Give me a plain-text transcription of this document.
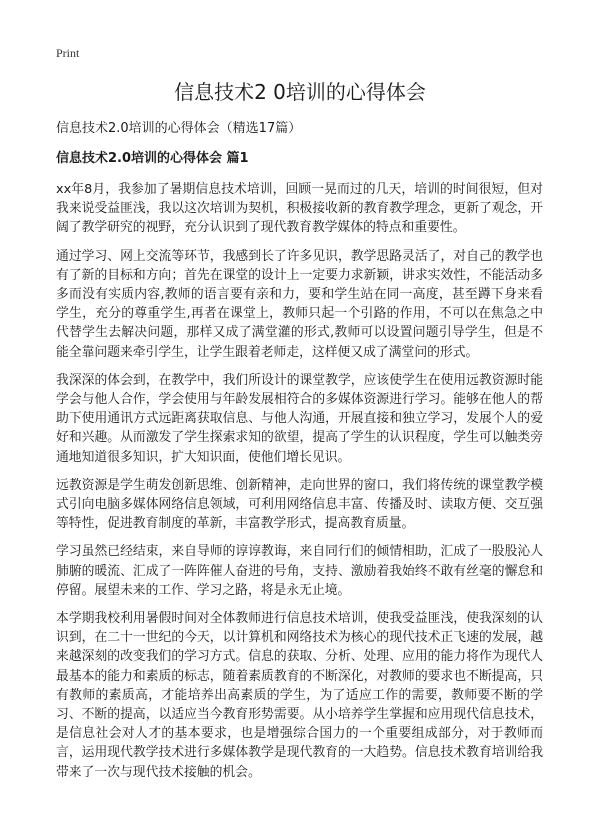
Print
信息技术2 0培训的心得体会
信息技术2.0培训的心得体会（精选17篇）
信息技术2.0培训的心得体会 篇1

xx年8月，我参加了暑期信息技术培训，回顾一晃而过的几天，培训的时间很短，但对我来说受益匪浅，我以这次培训为契机，积极接收新的教育教学理念，更新了观念，开阔了教学研究的视野，充分认识到了现代教育教学媒体的特点和重要性。

通过学习、网上交流等环节，我感到长了许多见识，教学思路灵活了，对自己的教学也有了新的目标和方向；首先在课堂的设计上一定要力求新颖，讲求实效性，不能活动多多而没有实质内容,教师的语言要有亲和力，要和学生站在同一高度，甚至蹲下身来看学生，充分的尊重学生,再者在课堂上，教师只起一个引路的作用，不可以在焦急之中代替学生去解决问题，那样又成了满堂灌的形式,教师可以设置问题引导学生，但是不能全靠问题来牵引学生，让学生跟着老师走，这样便又成了满堂问的形式。

我深深的体会到，在教学中，我们所设计的课堂教学，应该使学生在使用远教资源时能学会与他人合作，学会使用与年龄发展相符合的多媒体资源进行学习。能够在他人的帮助下使用通讯方式远距离获取信息、与他人沟通，开展直接和独立学习，发展个人的爱好和兴趣。从而激发了学生探索求知的欲望，提高了学生的认识程度，学生可以触类旁通地知道很多知识，扩大知识面，使他们增长见识。

远教资源是学生萌发创新思维、创新精神，走向世界的窗口，我们将传统的课堂教学模式引向电脑多媒体网络信息领域，可利用网络信息丰富、传播及时、读取方便、交互强等特性，促进教育制度的革新，丰富教学形式，提高教育质量。

学习虽然已经结束，来自导师的谆谆教诲，来自同行们的倾情相助，汇成了一股股沁人肺腑的暖流、汇成了一阵阵催人奋进的号角，支持、激励着我始终不敢有丝毫的懈怠和停留。展望未来的工作、学习之路，将是永无止境。

本学期我校利用暑假时间对全体教师进行信息技术培训，使我受益匪浅，使我深刻的认识到，在二十一世纪的今天，以计算机和网络技术为核心的现代技术正飞速的发展，越来越深刻的改变我们的学习方式。信息的获取、分析、处理、应用的能力将作为现代人最基本的能力和素质的标志，随着素质教育的不断深化，对教师的要求也不断提高，只有教师的素质高，才能培养出高素质的学生，为了适应工作的需要，教师要不断的学习、不断的提高，以适应当今教育形势需要。从小培养学生掌握和应用现代信息技术，是信息社会对人才的基本要求，也是增强综合国力的一个重要组成部分，对于教师而言，运用现代教学技术进行多媒体教学是现代教育的一大趋势。信息技术教育培训给我带来了一次与现代技术接触的机会。
